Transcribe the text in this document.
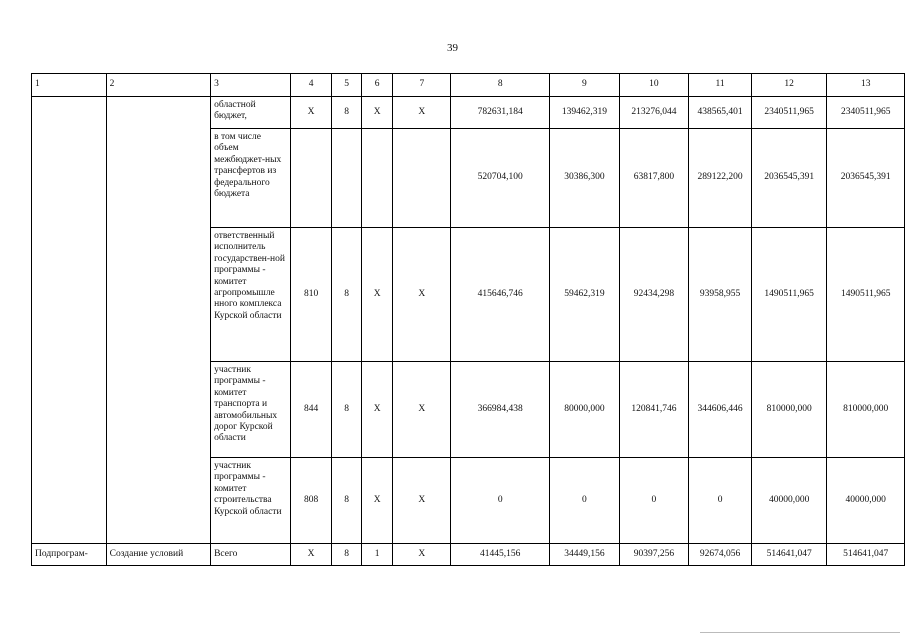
39
1	2	3	4	5	6	7	8	9	10	11	12	13
		областной бюджет,	Х	8	Х	Х	782631,184	139462,319	213276,044	438565,401	2340511,965	2340511,965
		в том числе объем межбюджет-ных трансфертов из федерального бюджета					520704,100	30386,300	63817,800	289122,200	2036545,391	2036545,391
		ответственный исполнитель государствен-ной программы - комитет агропромышле нного комплекса Курской области	810	8	Х	Х	415646,746	59462,319	92434,298	93958,955	1490511,965	1490511,965
		участник программы - комитет транспорта и автомобильных дорог Курской области	844	8	Х	Х	366984,438	80000,000	120841,746	344606,446	810000,000	810000,000
		участник программы - комитет строительства Курской области	808	8	Х	Х	0	0	0	0	40000,000	40000,000
Подпрограм-	Создание условий	Всего	Х	8	1	Х	41445,156	34449,156	90397,256	92674,056	514641,047	514641,047
